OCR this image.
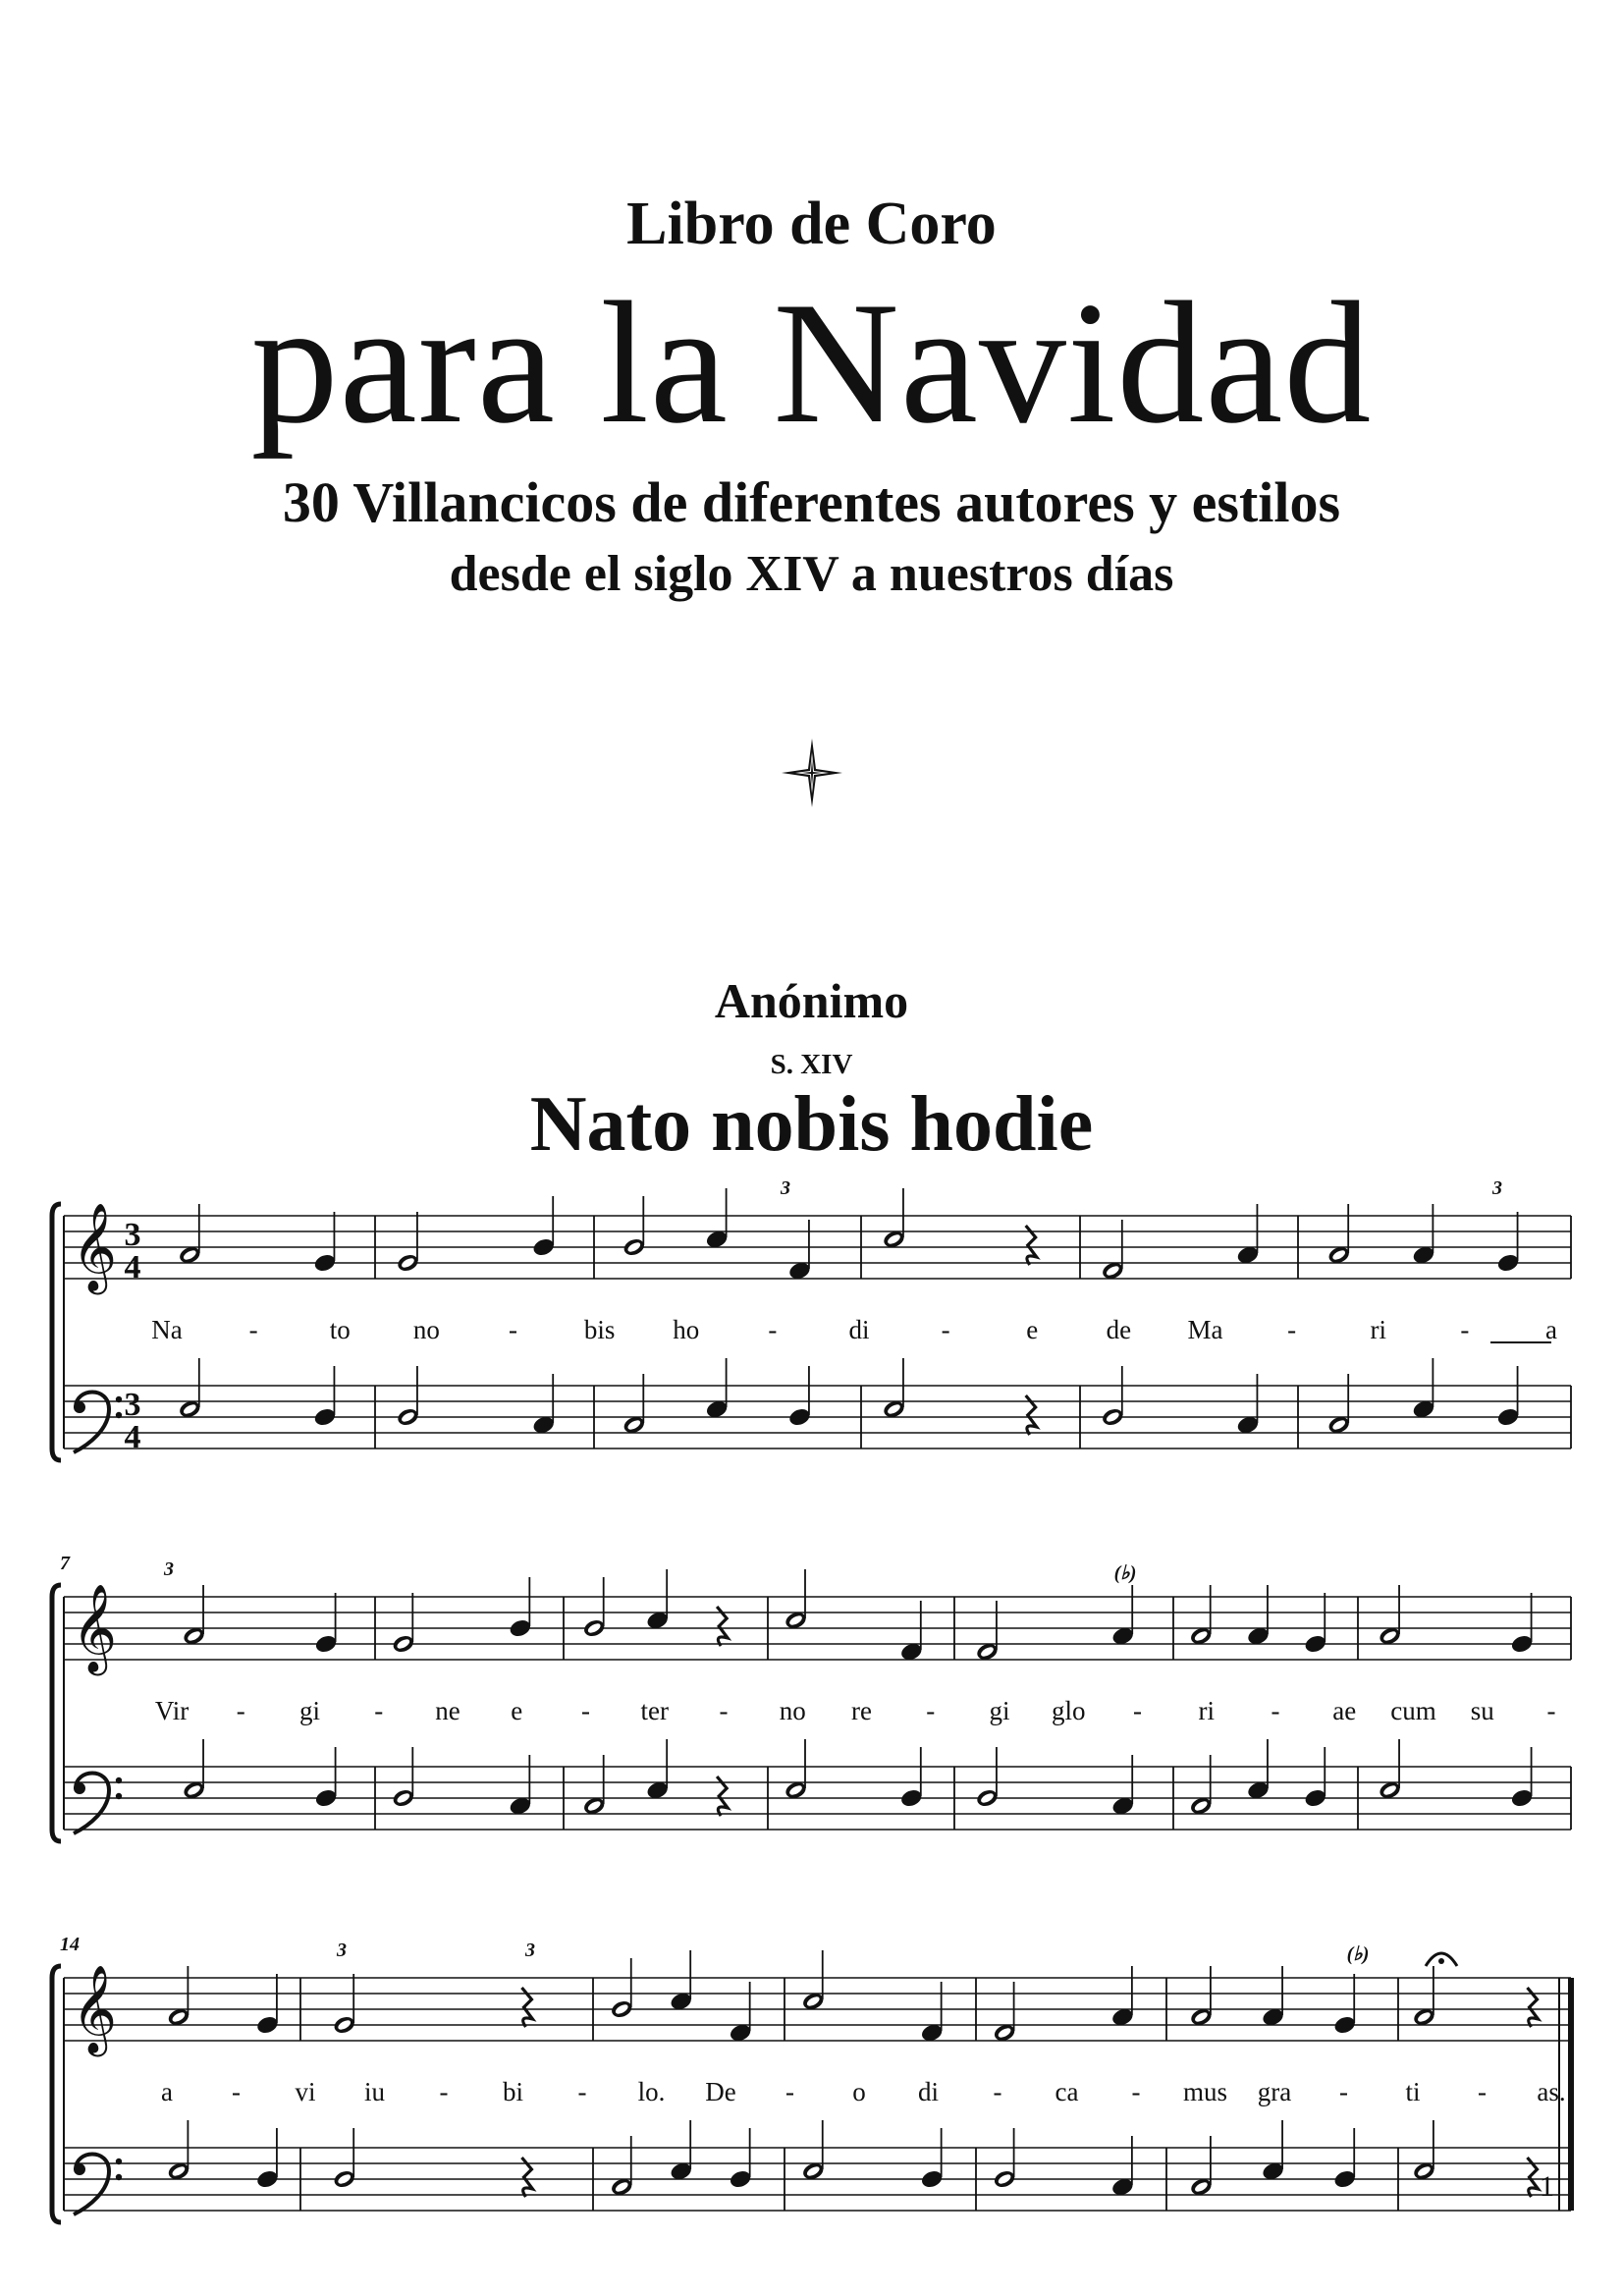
Libro de Coro
para la Navidad
30 Villancicos de diferentes autores y estilos
desde el siglo XIV a nuestros días
Anónimo
S. XIV
Nato nobis hodie
𝄞 3
4
3
4
3	3
Na	-	to no	-	bis ho	-	di	-	e	de Ma -	ri	-	a
𝄞
7	3	(♭)
Vir - gi - ne e - ter - no re - gi glo - ri - ae cum su -
𝄞
14	3	3	(♭)
a - vi iu - bi - lo. De - o di - ca - mus gra - ti - as.
1
